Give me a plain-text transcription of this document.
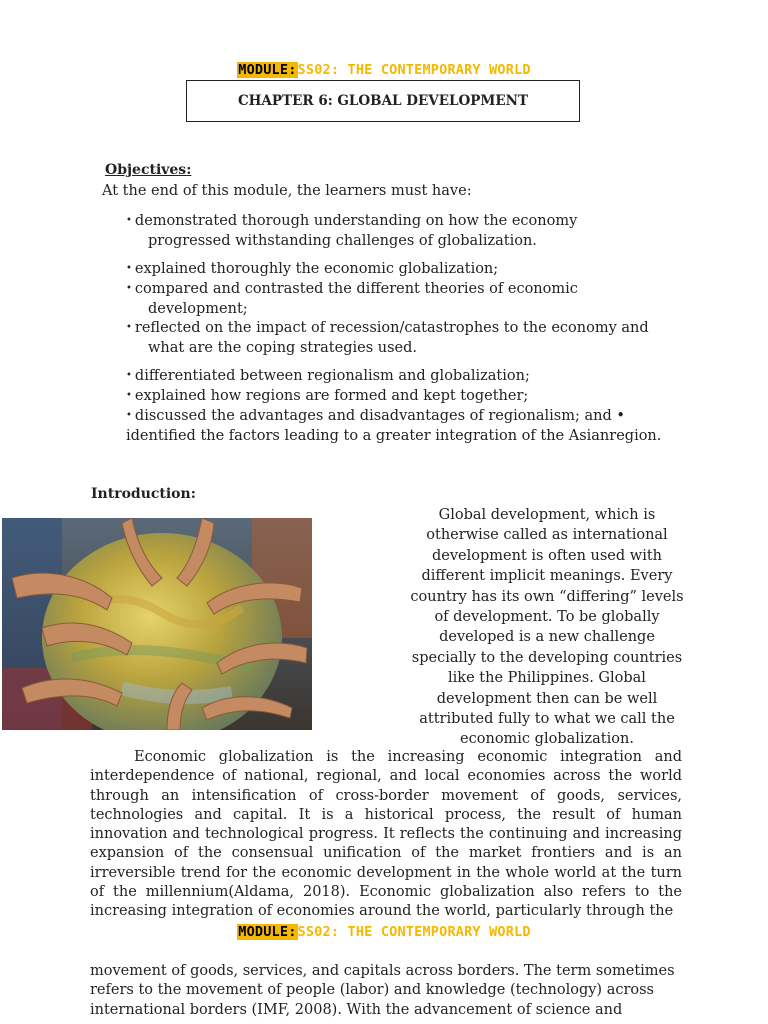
MODULE:SS02: THE CONTEMPORARY WORLD
CHAPTER 6: GLOBAL DEVELOPMENT
Objectives:
At the end of this module, the learners must have:
• demonstrated thorough understanding on how the economy
progressed withstanding challenges of globalization.
• explained thoroughly the economic globalization;
• compared and contrasted the different theories of economic
development;
• reflected on the impact of recession/catastrophes to the economy and
what are the coping strategies used.
• differentiated between regionalism and globalization;
• explained how regions are formed and kept together;
• discussed the advantages and disadvantages of regionalism; and •
identified the factors leading to a greater integration of the Asianregion.
Introduction:
Global development, which is
otherwise called as international
development is often used with
different implicit meanings. Every
country has its own “differing” levels
of development. To be globally
developed is a new challenge
specially to the developing countries
like the Philippines. Global
development then can be well
attributed fully to what we call the
economic globalization.
Economic globalization is the increasing economic integration and interdependence of national, regional, and local economies across the world through an intensification of cross-border movement of goods, services, technologies and capital. It is a historical process, the result of human innovation and technological progress. It reflects the continuing and increasing expansion of the consensual unification of the market frontiers and is an irreversible trend for the economic development in the whole world at the turn of the millennium(Aldama, 2018). Economic globalization also refers to the increasing integration of economies around the world, particularly through the
MODULE:SS02: THE CONTEMPORARY WORLD
movement of goods, services, and capitals across borders. The term sometimes
refers to the movement of people (labor) and knowledge (technology) across
international borders (IMF, 2008). With the advancement of science and
